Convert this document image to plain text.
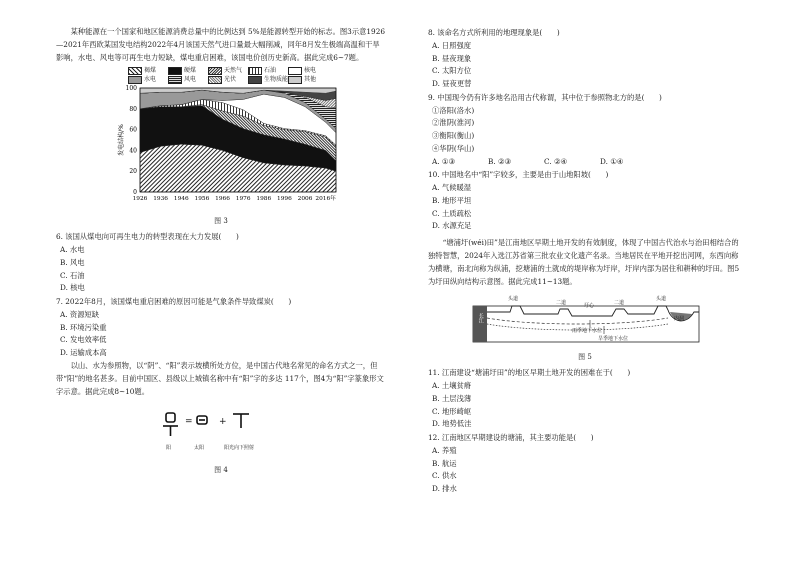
某种能源在一个国家和地区能源消费总量中的比例达到 5%是能源转型开始的标志。图3示意1926—2021年西欧某国发电结构2022年4月该国天然气进口量最大幅削减，同年8月发生极端高温和干旱影响，水电、风电等可再生电力短缺，煤电重启困难，该国电价创历史新高。据此完成6~7题。

褐煤	硬煤	天然气	石油	核电
水电	风电	光伏	生物质能	其他
0
20
40
60
80
100
1926 1936 1946 1956 1966 1976 1986 1996 2006 2016年
发电结构/%
图 3

6. 该国从煤电向可再生电力的转型表现在大力发展(　　)

A. 水电

B. 风电

C. 石油

D. 核电

7. 2022年8月，该国煤电重启困难的原因可能是气象条件导致煤炭(　　)

A. 资源短缺

B. 环境污染重

C. 发电效率低

D. 运输成本高

以山、水为参照物，以“阴”、“阳”表示坡横所处方位，是中国古代地名常见的命名方式之一，但带“阳”的地名甚多。目前中国区、县级以上城镇名称中有“阳”字的多达 117个，图4为“阳”字篆象形文字示意。据此完成8~10题。

=	+
阳	太阳	阳光向下照射
图 4

8. 该命名方式所利用的地理现象是(　　)

A. 日照强度

B. 昼夜现象

C. 太阳方位

D. 昼夜更替

9. 中国现今仍有许多地名沿用古代称谓，其中位于参照物北方的是(　　)

①洛阳(洛水)

②淮阴(淮河)

③衡阳(衡山)

④华阴(华山)

A. ①③	B. ②③	C. ②④	D. ①④

10. 中国地名中“阳”字较多，主要是由于山地阳坡(　　)

A. 气候暖湿

B. 地形平坦

C. 土质疏松

D. 水源充足

“塘浦圩(wéi)田”是江南地区早期土地开发的有效制度，体现了中国古代治水与治田相结合的独特智慧，2024年入选江苏省第三批农业文化遗产名录。当地居民在平地开挖出河网，东西向称为横塘，南北向称为纵浦，挖塘浦的土就成的堤岸称为圩岸，圩岸内部为居住和耕种的圩田。图5为圩田纵向结构示意图。据此完成11~13题。

长江
头道
二道	圩心	二道
头道
内洞
雨季地下水位
旱季地下水位
图 5

11. 江南建设“塘浦圩田”的地区早期土地开发的困难在于(　　)

A. 土壤贫瘠

B. 土层浅薄

C. 地形崎岖

D. 地势低洼

12. 江南地区早期建设的塘浦，其主要功能是(　　)

A. 养殖

B. 航运

C. 供水

D. 排水
